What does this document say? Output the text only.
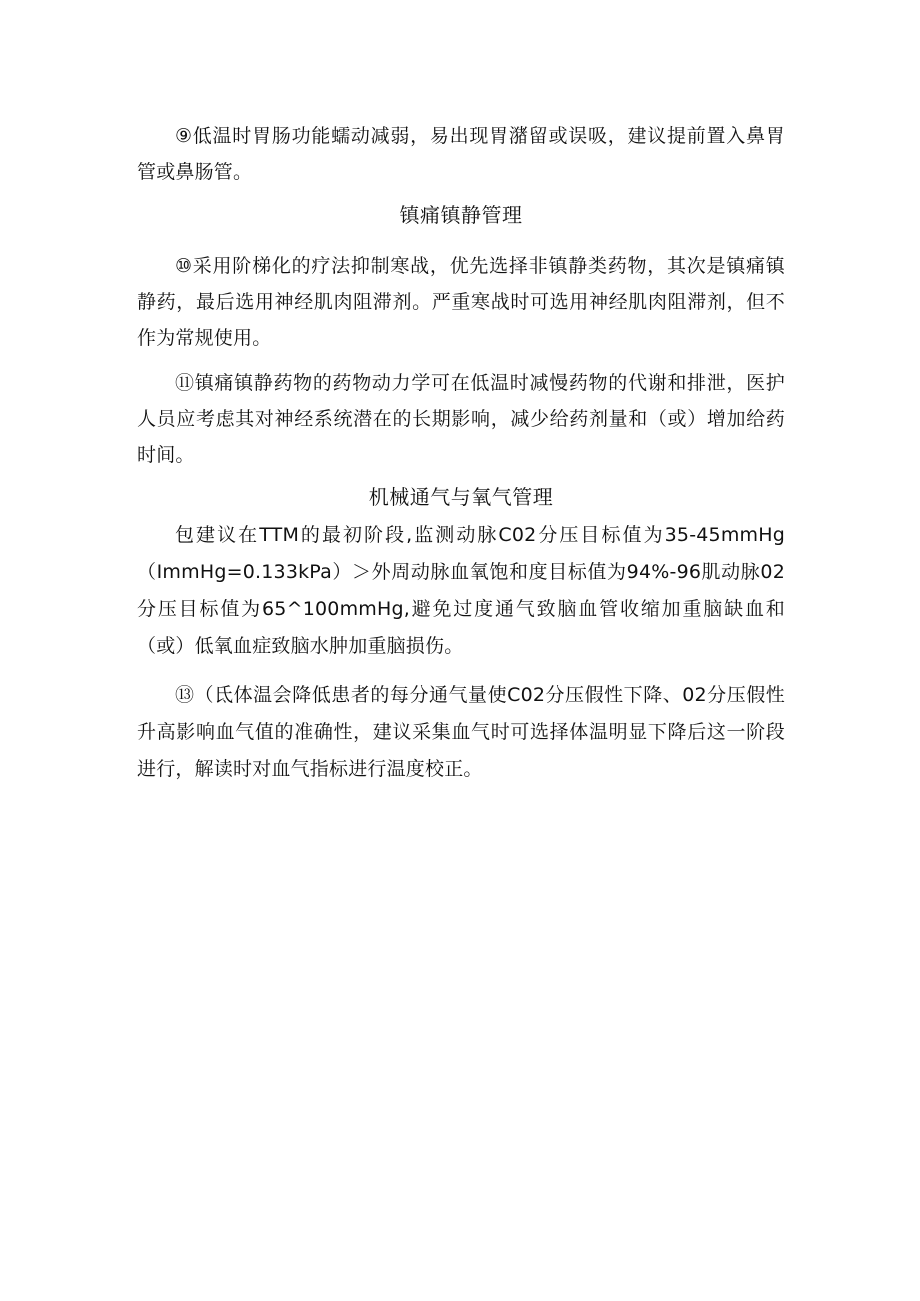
⑨低温时胃肠功能蠕动减弱，易出现胃潴留或误吸，建议提前置入鼻胃管或鼻肠管。

镇痛镇静管理

⑩采用阶梯化的疗法抑制寒战，优先选择非镇静类药物，其次是镇痛镇静药，最后选用神经肌肉阻滞剂。严重寒战时可选用神经肌肉阻滞剂，但不作为常规使用。

⑪镇痛镇静药物的药物动力学可在低温时减慢药物的代谢和排泄，医护人员应考虑其对神经系统潜在的长期影响，减少给药剂量和（或）增加给药时间。

机械通气与氧气管理

包建议在TTM的最初阶段,监测动脉C02分压目标值为35-45mmHg（ImmHg=0.133kPa）＞外周动脉血氧饱和度目标值为94%-96肌动脉02分压目标值为65^100mmHg,避免过度通气致脑血管收缩加重脑缺血和（或）低氧血症致脑水肿加重脑损伤。

⑬（氐体温会降低患者的每分通气量使C02分压假性下降、02分压假性升高影响血气值的准确性，建议采集血气时可选择体温明显下降后这一阶段进行，解读时对血气指标进行温度校正。
